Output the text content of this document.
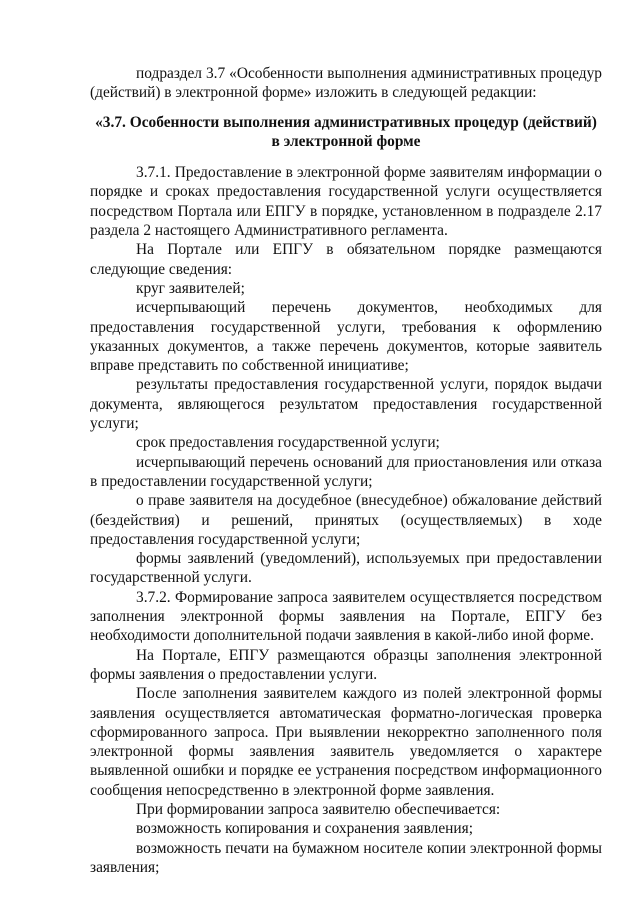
подраздел 3.7 «Особенности выполнения административных процедур (действий) в электронной форме» изложить в следующей редакции:

«3.7. Особенности выполнения административных процедур (действий) в электронной форме

3.7.1. Предоставление в электронной форме заявителям информации о порядке и сроках предоставления государственной услуги осуществляется посредством Портала или ЕПГУ в порядке, установленном в подразделе 2.17 раздела 2 настоящего Административного регламента.

На Портале или ЕПГУ в обязательном порядке размещаются следующие сведения:

круг заявителей;

исчерпывающий перечень документов, необходимых для предоставления государственной услуги, требования к оформлению указанных документов, а также перечень документов, которые заявитель вправе представить по собственной инициативе;

результаты предоставления государственной услуги, порядок выдачи документа, являющегося результатом предоставления государственной услуги;

срок предоставления государственной услуги;

исчерпывающий перечень оснований для приостановления или отказа в предоставлении государственной услуги;

о праве заявителя на досудебное (внесудебное) обжалование действий (бездействия) и решений, принятых (осуществляемых) в ходе предоставления государственной услуги;

формы заявлений (уведомлений), используемых при предоставлении государственной услуги.

3.7.2. Формирование запроса заявителем осуществляется посредством заполнения электронной формы заявления на Портале, ЕПГУ без необходимости дополнительной подачи заявления в какой-либо иной форме.

На Портале, ЕПГУ размещаются образцы заполнения электронной формы заявления о предоставлении услуги.

После заполнения заявителем каждого из полей электронной формы заявления осуществляется автоматическая форматно-логическая проверка сформированного запроса. При выявлении некорректно заполненного поля электронной формы заявления заявитель уведомляется о характере выявленной ошибки и порядке ее устранения посредством информационного сообщения непосредственно в электронной форме заявления.

При формировании запроса заявителю обеспечивается:

возможность копирования и сохранения заявления;

возможность печати на бумажном носителе копии электронной формы заявления;
